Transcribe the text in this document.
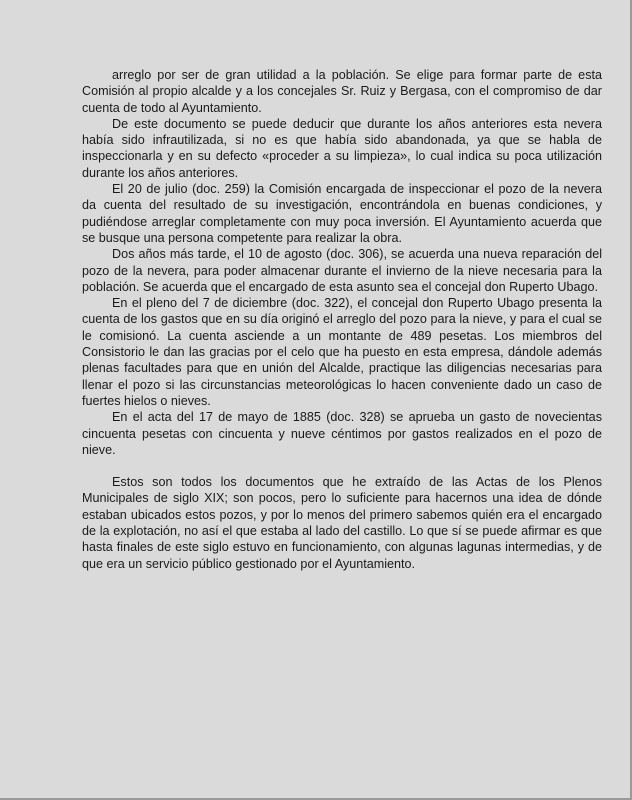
arreglo por ser de gran utilidad a la población. Se elige para formar parte de esta Comisión al propio alcalde y a los concejales Sr. Ruiz y Bergasa, con el compromiso de dar cuenta de todo al Ayuntamiento.

De este documento se puede deducir que durante los años anteriores esta nevera había sido infrautilizada, si no es que había sido abandonada, ya que se habla de inspeccionarla y en su defecto «proceder a su limpieza», lo cual indica su poca utilización durante los años anteriores.

El 20 de julio (doc. 259) la Comisión encargada de inspeccionar el pozo de la nevera da cuenta del resultado de su investigación, encontrándola en buenas condiciones, y pudiéndose arreglar completamente con muy poca inversión. El Ayuntamiento acuerda que se busque una persona competente para realizar la obra.

Dos años más tarde, el 10 de agosto (doc. 306), se acuerda una nueva reparación del pozo de la nevera, para poder almacenar durante el invierno de la nieve necesaria para la población. Se acuerda que el encargado de esta asunto sea el concejal don Ruperto Ubago.

En el pleno del 7 de diciembre (doc. 322), el concejal don Ruperto Ubago presenta la cuenta de los gastos que en su día originó el arreglo del pozo para la nieve, y para el cual se le comisionó. La cuenta asciende a un montante de 489 pesetas. Los miembros del Consistorio le dan las gracias por el celo que ha puesto en esta empresa, dándole además plenas facultades para que en unión del Alcalde, practique las diligencias necesarias para llenar el pozo si las circunstancias meteorológicas lo hacen conveniente dado un caso de fuertes hielos o nieves.

En el acta del 17 de mayo de 1885 (doc. 328) se aprueba un gasto de novecientas cincuenta pesetas con cincuenta y nueve céntimos por gastos realizados en el pozo de nieve.

Estos son todos los documentos que he extraído de las Actas de los Plenos Municipales de siglo XIX; son pocos, pero lo suficiente para hacernos una idea de dónde estaban ubicados estos pozos, y por lo menos del primero sabemos quién era el encargado de la explotación, no así el que estaba al lado del castillo. Lo que sí se puede afirmar es que hasta finales de este siglo estuvo en funcionamiento, con algunas lagunas intermedias, y de que era un servicio público gestionado por el Ayuntamiento.
